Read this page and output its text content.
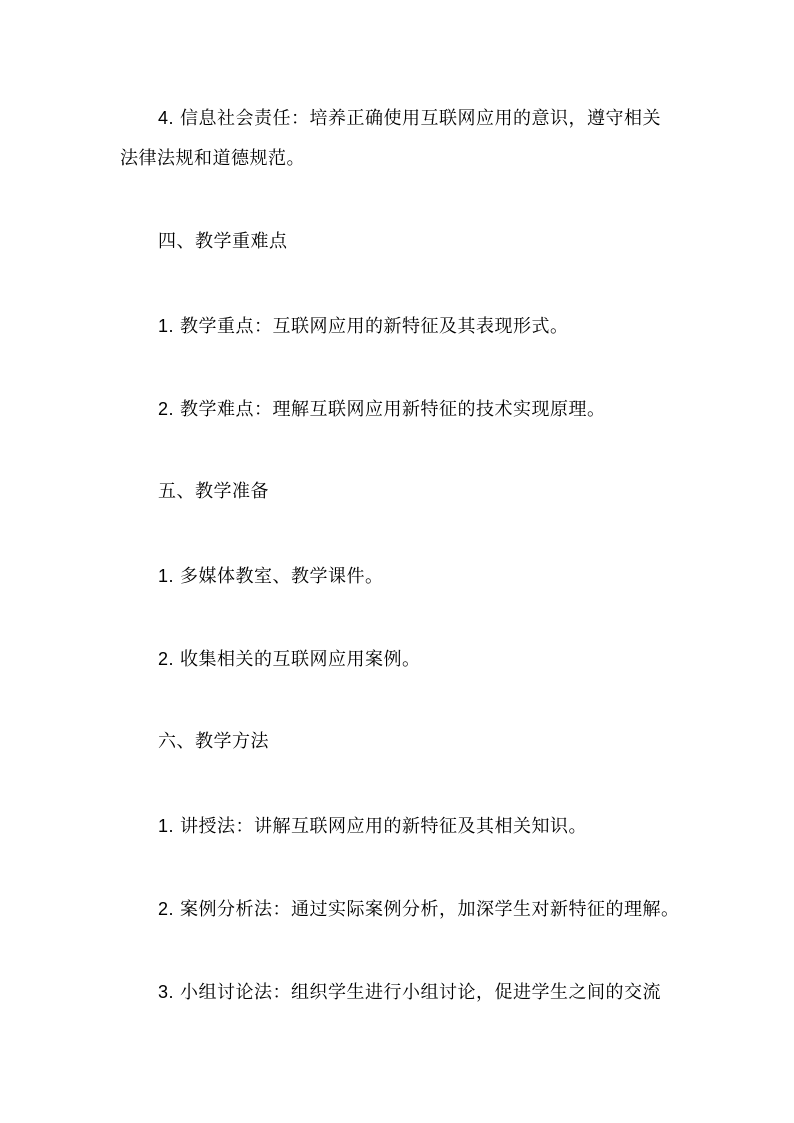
4. 信息社会责任：培养正确使用互联网应用的意识，遵守相关
法律法规和道德规范。
四、教学重难点
1. 教学重点：互联网应用的新特征及其表现形式。
2. 教学难点：理解互联网应用新特征的技术实现原理。
五、教学准备
1. 多媒体教室、教学课件。
2. 收集相关的互联网应用案例。
六、教学方法
1. 讲授法：讲解互联网应用的新特征及其相关知识。
2. 案例分析法：通过实际案例分析，加深学生对新特征的理解。
3. 小组讨论法：组织学生进行小组讨论，促进学生之间的交流
